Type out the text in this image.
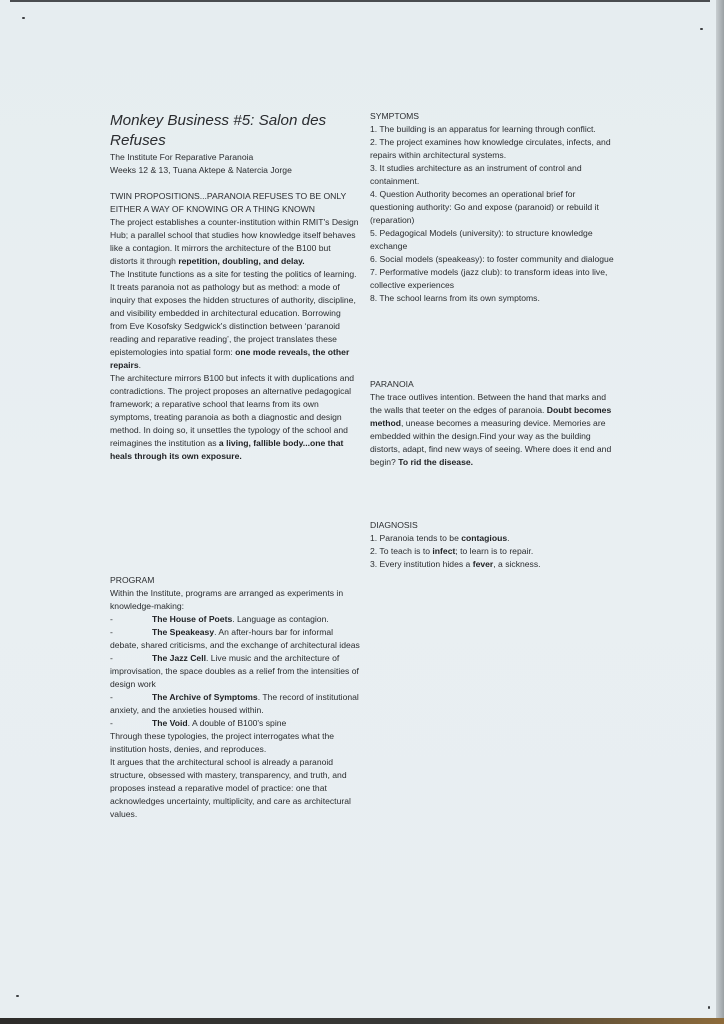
Monkey Business #5: Salon des Refuses

The Institute For Reparative Paranoia

Weeks 12 & 13, Tuana Aktepe & Natercia Jorge

TWIN PROPOSITIONS...PARANOIA REFUSES TO BE ONLY EITHER A WAY OF KNOWING OR A THING KNOWN

The project establishes a counter-institution within RMIT's Design Hub; a parallel school that studies how knowledge itself behaves like a contagion. It mirrors the architecture of the B100 but distorts it through repetition, doubling, and delay.

The Institute functions as a site for testing the politics of learning. It treats paranoia not as pathology but as method: a mode of inquiry that exposes the hidden structures of authority, discipline, and visibility embedded in architectural education. Borrowing from Eve Kosofsky Sedgwick's distinction between ‘paranoid reading and reparative reading’, the project translates these epistemologies into spatial form: one mode reveals, the other repairs.

The architecture mirrors B100 but infects it with duplications and contradictions. The project proposes an alternative pedagogical framework; a reparative school that learns from its own symptoms, treating paranoia as both a diagnostic and design method. In doing so, it unsettles the typology of the school and reimagines the institution as a living, fallible body...one that heals through its own exposure.

PROGRAM

Within the Institute, programs are arranged as experiments in knowledge-making:

-	The House of Poets. Language as contagion.

-	The Speakeasy. An after-hours bar for informal debate, shared criticisms, and the exchange of architectural ideas

-	The Jazz Cell. Live music and the architecture of improvisation, the space doubles as a relief from the intensities of design work

-	The Archive of Symptoms. The record of institutional anxiety, and the anxieties housed within.

-	The Void. A double of B100's spine

Through these typologies, the project interrogates what the institution hosts, denies, and reproduces.

It argues that the architectural school is already a paranoid structure, obsessed with mastery, transparency, and truth, and proposes instead a reparative model of practice: one that acknowledges uncertainty, multiplicity, and care as architectural values.

SYMPTOMS

1. The building is an apparatus for learning through conflict.
2. The project examines how knowledge circulates, infects, and repairs within architectural systems.
3. It studies architecture as an instrument of control and containment.
4. Question Authority becomes an operational brief for questioning authority: Go and expose (paranoid) or rebuild it (reparation)
5. Pedagogical Models (university): to structure knowledge exchange
6. Social models (speakeasy): to foster community and dialogue
7. Performative models (jazz club): to transform ideas into live, collective experiences
8. The school learns from its own symptoms.

PARANOIA

The trace outlives intention. Between the hand that marks and the walls that teeter on the edges of paranoia. Doubt becomes method, unease becomes a measuring device. Memories are embedded within the design.Find your way as the building distorts, adapt, find new ways of seeing. Where does it end and begin? To rid the disease.

DIAGNOSIS

1. Paranoia tends to be contagious.
2. To teach is to infect; to learn is to repair.
3. Every institution hides a fever, a sickness.
